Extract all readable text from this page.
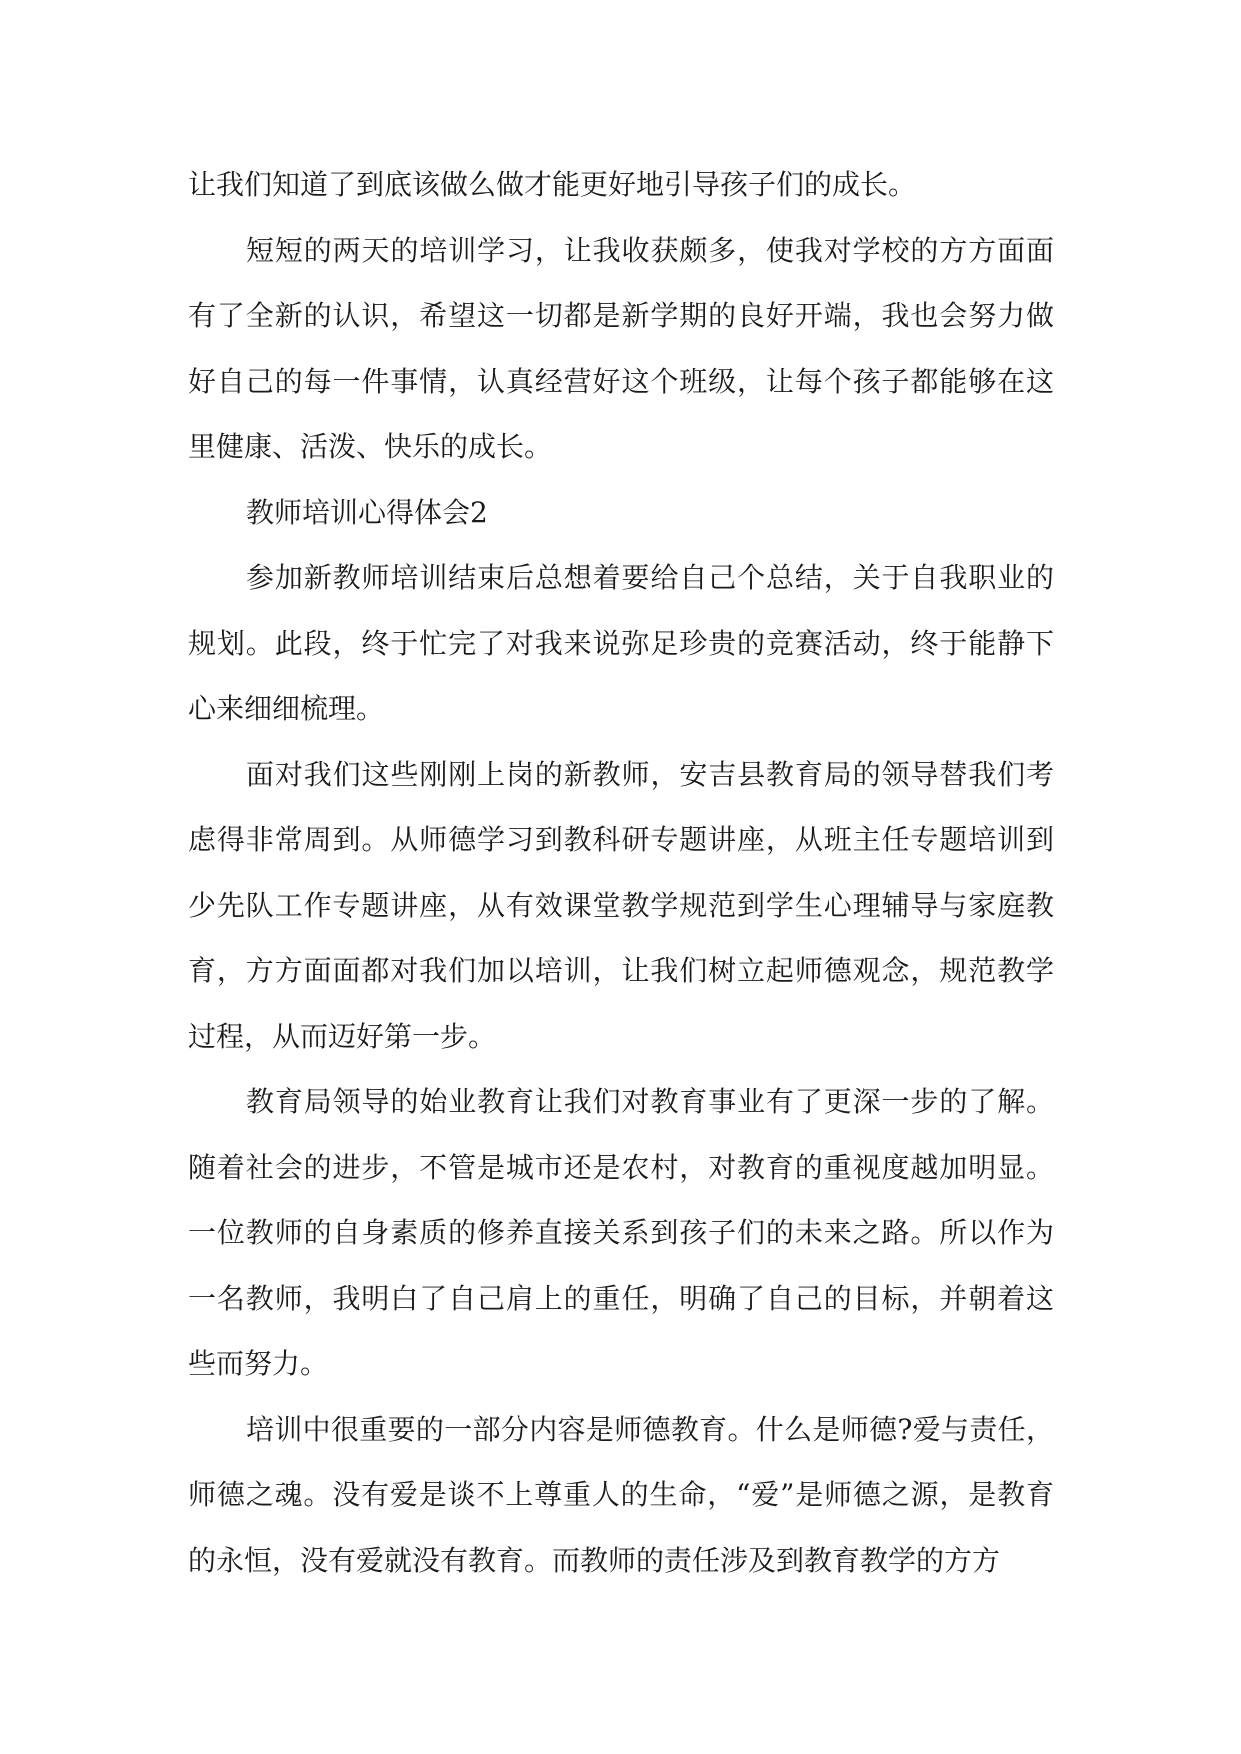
让我们知道了到底该做么做才能更好地引导孩子们的成长。

短短的两天的培训学习，让我收获颇多，使我对学校的方方面面有了全新的认识，希望这一切都是新学期的良好开端，我也会努力做好自己的每一件事情，认真经营好这个班级，让每个孩子都能够在这里健康、活泼、快乐的成长。

教师培训心得体会2

参加新教师培训结束后总想着要给自己个总结，关于自我职业的规划。此段，终于忙完了对我来说弥足珍贵的竞赛活动，终于能静下心来细细梳理。

面对我们这些刚刚上岗的新教师，安吉县教育局的领导替我们考虑得非常周到。从师德学习到教科研专题讲座，从班主任专题培训到少先队工作专题讲座，从有效课堂教学规范到学生心理辅导与家庭教育，方方面面都对我们加以培训，让我们树立起师德观念，规范教学过程，从而迈好第一步。

教育局领导的始业教育让我们对教育事业有了更深一步的了解。随着社会的进步，不管是城市还是农村，对教育的重视度越加明显。一位教师的自身素质的修养直接关系到孩子们的未来之路。所以作为一名教师，我明白了自己肩上的重任，明确了自己的目标，并朝着这些而努力。

培训中很重要的一部分内容是师德教育。什么是师德?爱与责任，师德之魂。没有爱是谈不上尊重人的生命，“爱”是师德之源，是教育的永恒，没有爱就没有教育。而教师的责任涉及到教育教学的方方
